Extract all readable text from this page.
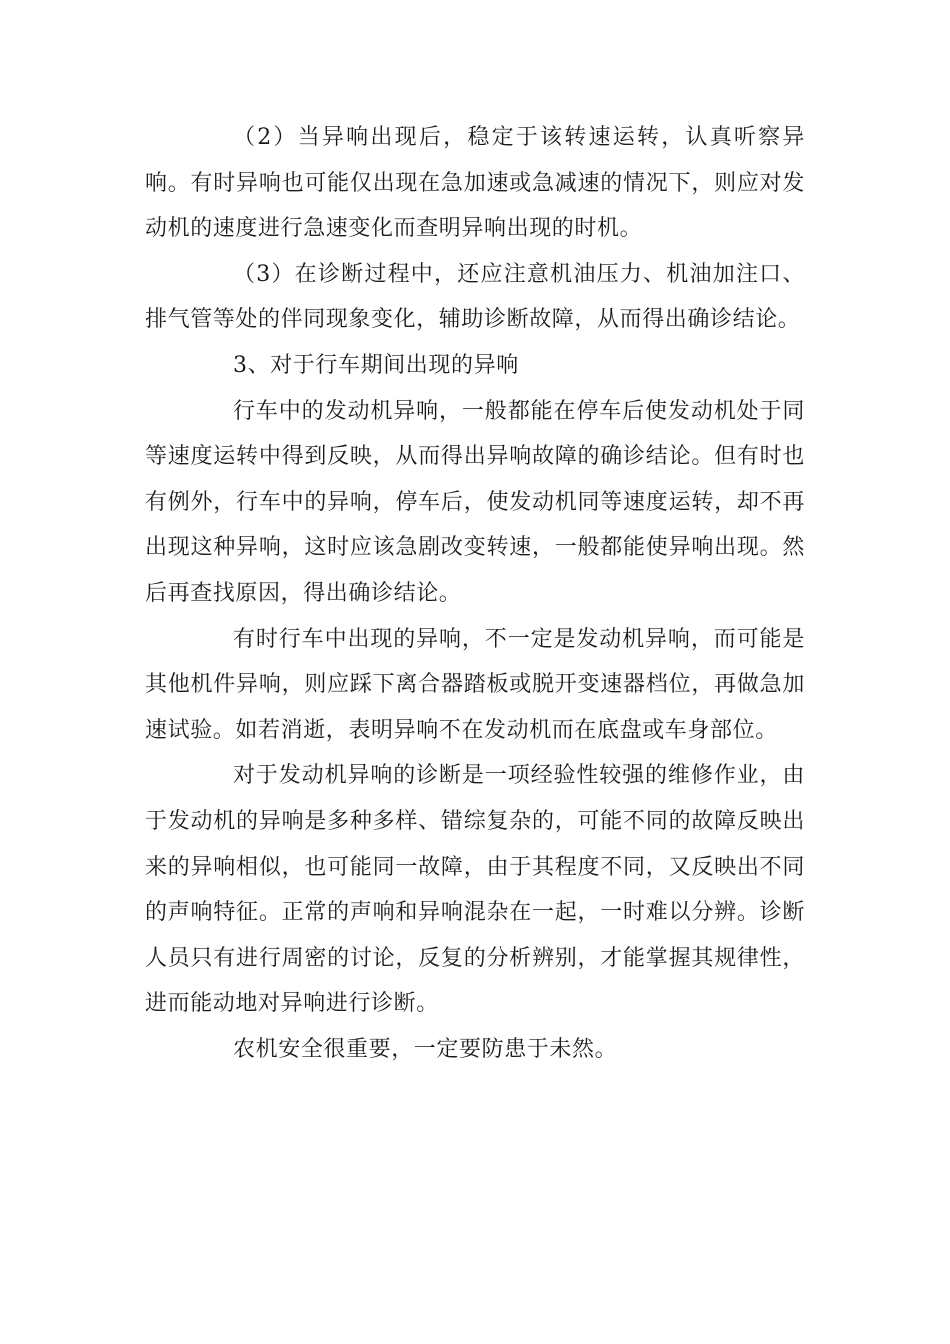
（2）当异响出现后，稳定于该转速运转，认真听察异响。有时异响也可能仅出现在急加速或急减速的情况下，则应对发动机的速度进行急速变化而查明异响出现的时机。

（3）在诊断过程中，还应注意机油压力、机油加注口、排气管等处的伴同现象变化，辅助诊断故障，从而得出确诊结论。

3、对于行车期间出现的异响

行车中的发动机异响，一般都能在停车后使发动机处于同等速度运转中得到反映，从而得出异响故障的确诊结论。但有时也有例外，行车中的异响，停车后，使发动机同等速度运转，却不再出现这种异响，这时应该急剧改变转速，一般都能使异响出现。然后再查找原因，得出确诊结论。

有时行车中出现的异响，不一定是发动机异响，而可能是其他机件异响，则应踩下离合器踏板或脱开变速器档位，再做急加速试验。如若消逝，表明异响不在发动机而在底盘或车身部位。

对于发动机异响的诊断是一项经验性较强的维修作业，由于发动机的异响是多种多样、错综复杂的，可能不同的故障反映出来的异响相似，也可能同一故障，由于其程度不同，又反映出不同的声响特征。正常的声响和异响混杂在一起，一时难以分辨。诊断人员只有进行周密的讨论，反复的分析辨别，才能掌握其规律性，进而能动地对异响进行诊断。

农机安全很重要，一定要防患于未然。
